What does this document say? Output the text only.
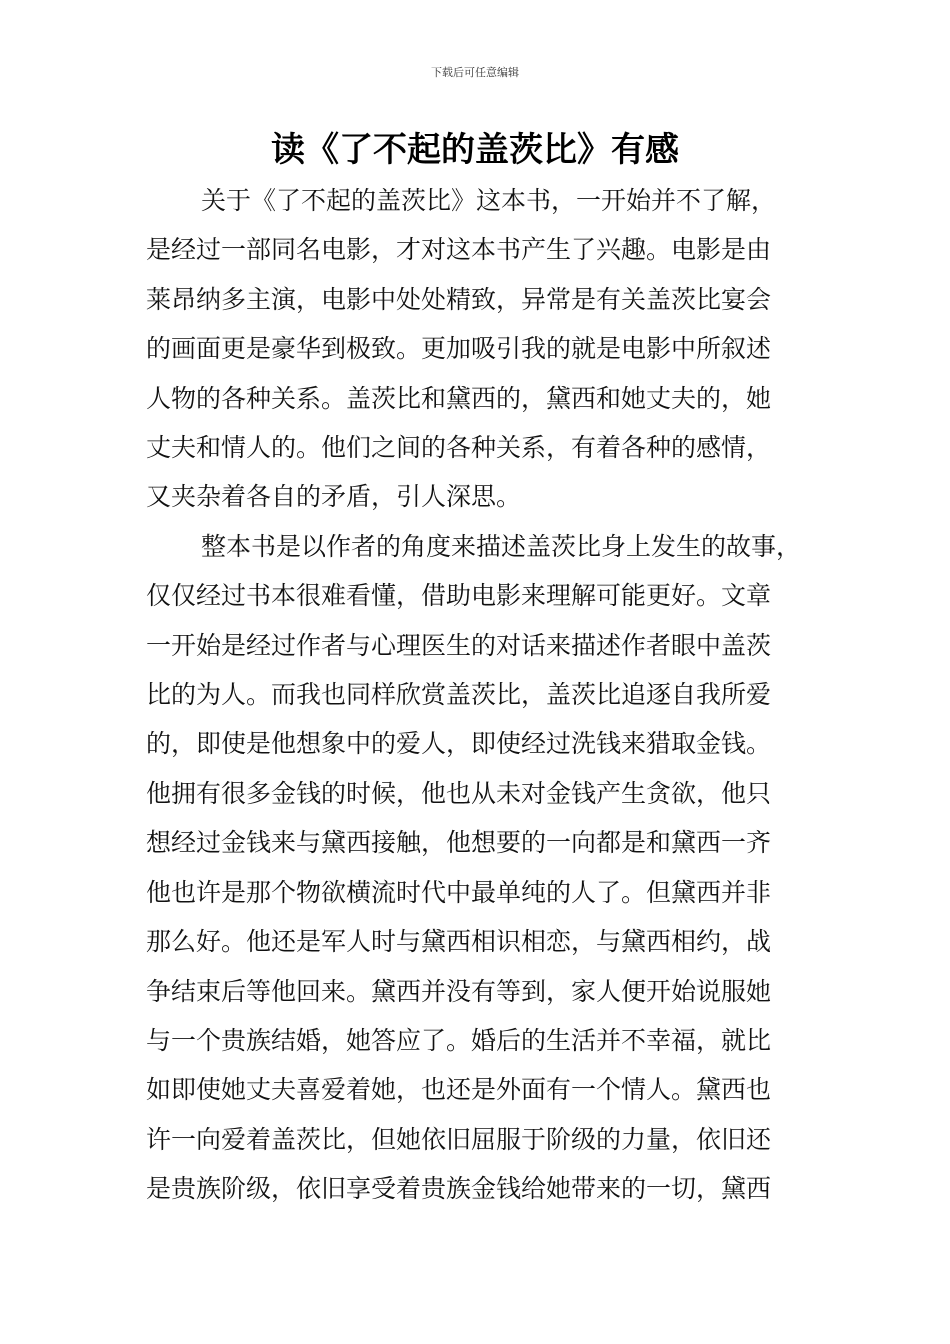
下载后可任意编辑
读《了不起的盖茨比》有感

关于《了不起的盖茨比》这本书，一开始并不了解，
是经过一部同名电影，才对这本书产生了兴趣。电影是由
莱昂纳多主演，电影中处处精致，异常是有关盖茨比宴会
的画面更是豪华到极致。更加吸引我的就是电影中所叙述
人物的各种关系。盖茨比和黛西的，黛西和她丈夫的，她
丈夫和情人的。他们之间的各种关系，有着各种的感情，
又夹杂着各自的矛盾，引人深思。

整本书是以作者的角度来描述盖茨比身上发生的故事，
仅仅经过书本很难看懂，借助电影来理解可能更好。文章
一开始是经过作者与心理医生的对话来描述作者眼中盖茨
比的为人。而我也同样欣赏盖茨比，盖茨比追逐自我所爱
的，即使是他想象中的爱人，即使经过洗钱来猎取金钱。
他拥有很多金钱的时候，他也从未对金钱产生贪欲，他只
想经过金钱来与黛西接触，他想要的一向都是和黛西一齐
他也许是那个物欲横流时代中最单纯的人了。但黛西并非
那么好。他还是军人时与黛西相识相恋，与黛西相约，战
争结束后等他回来。黛西并没有等到，家人便开始说服她
与一个贵族结婚，她答应了。婚后的生活并不幸福，就比
如即使她丈夫喜爱着她，也还是外面有一个情人。黛西也
许一向爱着盖茨比，但她依旧屈服于阶级的力量，依旧还
是贵族阶级，依旧享受着贵族金钱给她带来的一切，黛西
